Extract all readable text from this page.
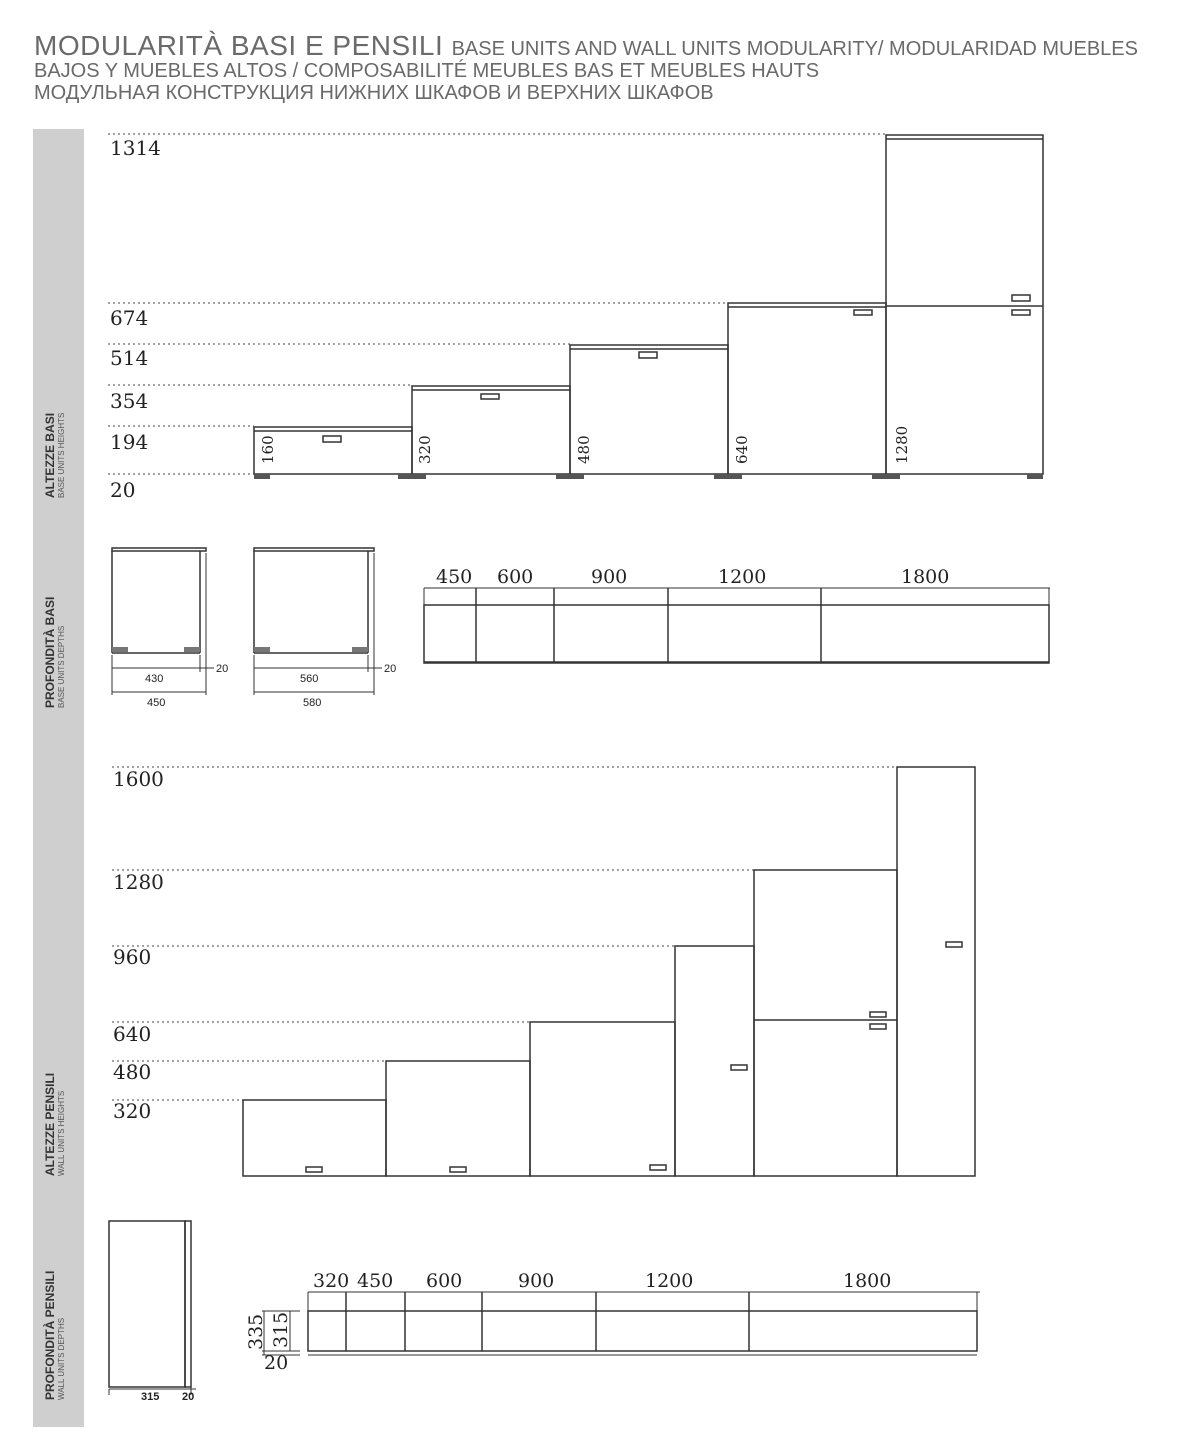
MODULARITÀ BASI E PENSILI BASE UNITS AND WALL UNITS MODULARITY/ MODULARIDAD MUEBLES
BAJOS Y MUEBLES ALTOS / COMPOSABILITÉ MEUBLES BAS ET MEUBLES HAUTS
МОДУЛЬНАЯ КОНСТРУКЦИЯ НИЖНИХ ШКАФОВ И ВЕРХНИХ ШКАФОВ
ALTEZZE BASI BASE UNITS HEIGHTS
PROFONDITÀ BASI BASE UNITS DEPTHS
ALTEZZE PENSILI WALL UNITS HEIGHTS
PROFONDITÀ PENSILI WALL UNITS DEPTHS
1314
674
514
354
194
20
160	320	480	640	1280
430
450
20
560
580
20
450 600	900	1200	1800
1600
1280
960
640
480
320
315 20
335 315
20
320 450 600	900	1200	1800
